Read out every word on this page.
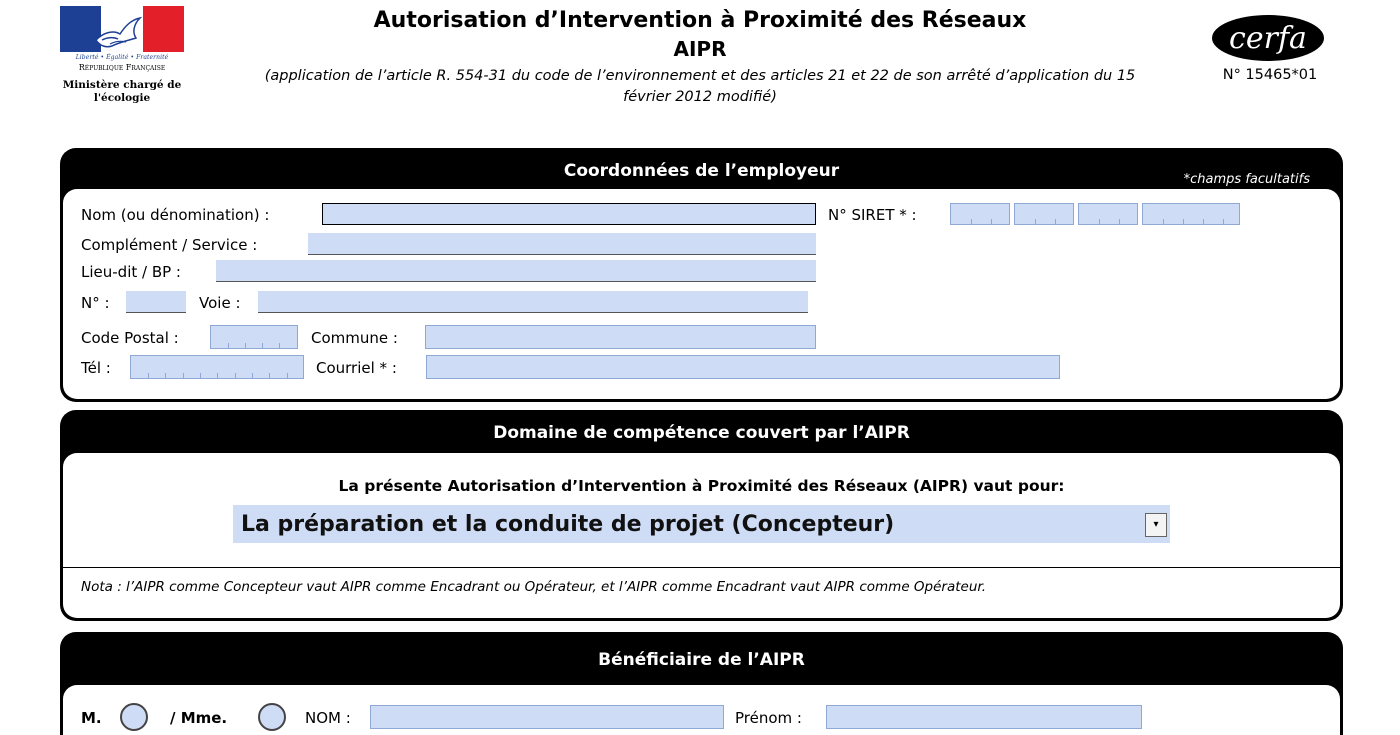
Liberté • Égalité • Fraternité
République Française
Ministère chargé de l'écologie
Autorisation d’Intervention à Proximité des Réseaux
AIPR
(application de l’article R. 554-31 du code de l’environnement et des articles 21 et 22 de son arrêté d’application du 15 février 2012 modifié)
cerfa
N° 15465*01
Coordonnées de l’employeur	*champs facultatifs
Nom (ou dénomination) :	N° SIRET * :
Complément / Service :
Lieu-dit / BP :
N° :	Voie :
Code Postal :	Commune :
Tél :	Courriel * :
Domaine de compétence couvert par l’AIPR
La présente Autorisation d’Intervention à Proximité des Réseaux (AIPR) vaut pour:
La préparation et la conduite de projet (Concepteur)	▾
Nota : l’AIPR comme Concepteur vaut AIPR comme Encadrant ou Opérateur, et l’AIPR comme Encadrant vaut AIPR comme Opérateur.
Bénéficiaire de l’AIPR
M.	/ Mme.	NOM :	Prénom :
